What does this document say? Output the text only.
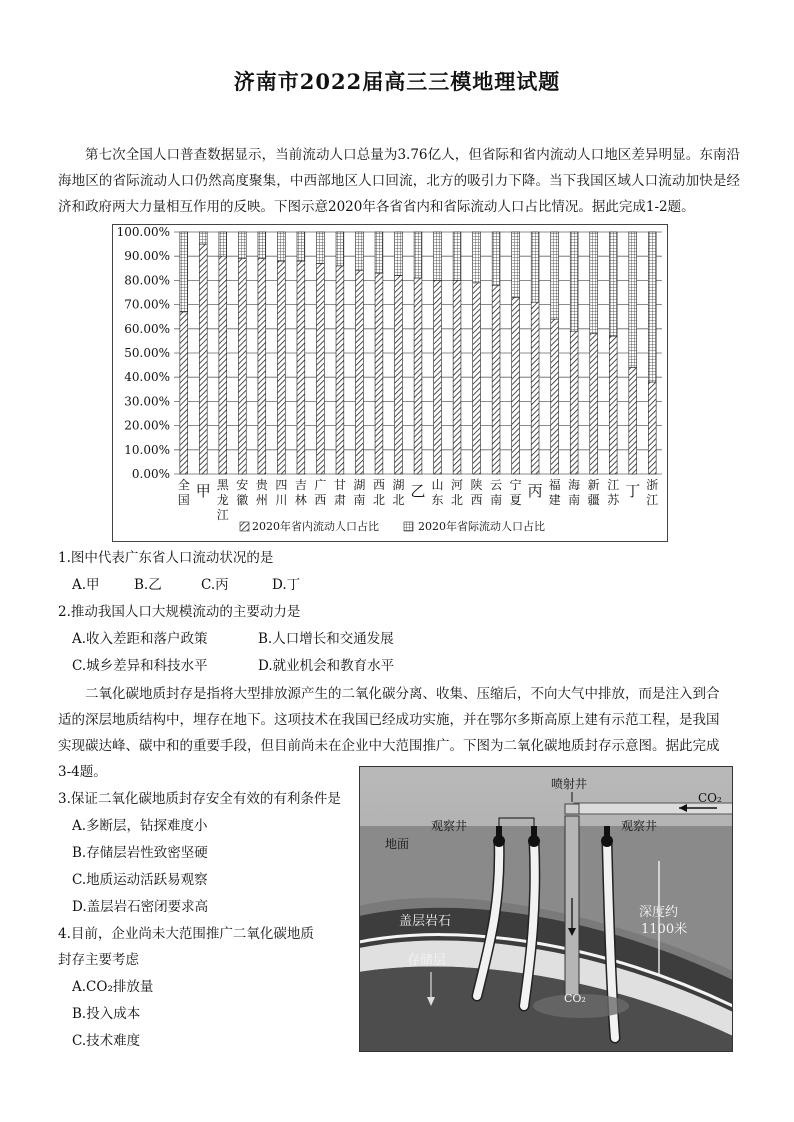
济南市2022届高三三模地理试题
第七次全国人口普查数据显示，当前流动人口总量为3.76亿人，但省际和省内流动人口地区差异明显。东南沿海地区的省际流动人口仍然高度聚集，中西部地区人口回流，北方的吸引力下降。当下我国区域人口流动加快是经济和政府两大力量相互作用的反映。下图示意2020年各省省内和省际流动人口占比情况。据此完成1-2题。
100.00%
90.00%
80.00%
70.00%
60.00%
50.00%
40.00%
30.00%
20.00%
10.00%
0.00%
全
国 甲 黑
龙
江
安
徽
贵
州
四
川
吉
林
广
西
甘
肃
湖
南
西
北
湖
北 乙 山
东
河
北
陕
西
云
南
宁
夏 丙 福
建
海
南
新
疆
江
苏 丁 浙
江
2020年省内流动人口占比	2020年省际流动人口占比
1.图中代表广东省人口流动状况的是
A.甲	B.乙	C.丙	D.丁
2.推动我国人口大规模流动的主要动力是
A.收入差距和落户政策	B.人口增长和交通发展
C.城乡差异和科技水平	D.就业机会和教育水平
二氧化碳地质封存是指将大型排放源产生的二氧化碳分离、收集、压缩后，不向大气中排放，而是注入到合
适的深层地质结构中，埋存在地下。这项技术在我国已经成功实施，并在鄂尔多斯高原上建有示范工程，是我国
实现碳达峰、碳中和的重要手段，但目前尚未在企业中大范围推广。下图为二氧化碳地质封存示意图。据此完成
3-4题。
3.保证二氧化碳地质封存安全有效的有利条件是
A.多断层，钻探难度小
B.存储层岩性致密坚硬
C.地质运动活跃易观察
D.盖层岩石密闭要求高
4.目前，企业尚未大范围推广二氧化碳地质
封存主要考虑
A.CO₂排放量
B.投入成本
C.技术难度
CO₂
喷射井
观察井	观察井
地面
深度约
1100米
盖层岩石
存储层
CO₂
